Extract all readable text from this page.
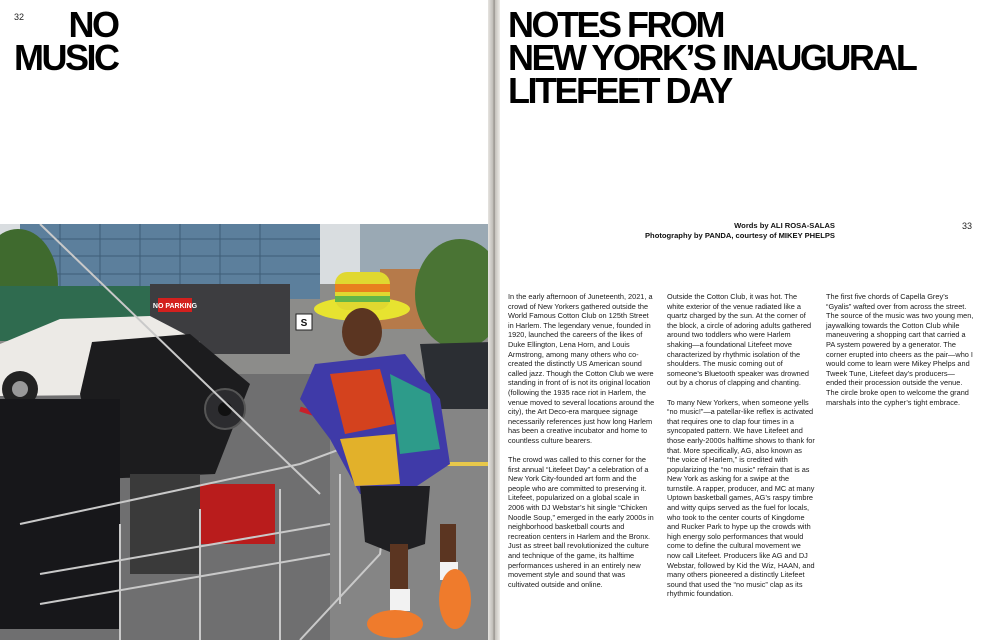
32	NO
MUSIC
NO PARKING
S
NOTES FROM
NEW YORK’S INAUGURAL
LITEFEET DAY
33
Words by ALI ROSA-SALAS
Photography by PANDA, courtesy of MIKEY PHELPS

In the early afternoon of Juneteenth, 2021, a crowd of New Yorkers gathered outside the World Famous Cotton Club on 125th Street in Harlem. The legendary venue, founded in 1920, launched the careers of the likes of Duke Ellington, Lena Horn, and Louis Armstrong, among many others who co-created the distinctly US American sound called jazz. Though the Cotton Club we were standing in front of is not its original location (following the 1935 race riot in Harlem, the venue moved to several locations around the city), the Art Deco-era marquee signage necessarily references just how long Harlem has been a creative incubator and home to countless culture bearers.

The crowd was called to this corner for the first annual “Litefeet Day” a celebration of a New York City-founded art form and the people who are committed to preserving it. Litefeet, popularized on a global scale in 2006 with DJ Webstar’s hit single “Chicken Noodle Soup,” emerged in the early 2000s in neighborhood basketball courts and recreation centers in Harlem and the Bronx. Just as street ball revolutionized the culture and technique of the game, its halftime performances ushered in an entirely new movement style and sound that was cultivated outside and online.

Outside the Cotton Club, it was hot. The white exterior of the venue radiated like a quartz charged by the sun. At the corner of the block, a circle of adoring adults gathered around two toddlers who were Harlem shaking—a foundational Litefeet move characterized by rhythmic isolation of the shoulders. The music coming out of someone’s Bluetooth speaker was drowned out by a chorus of clapping and chanting.

To many New Yorkers, when someone yells “no music!”—a patellar-like reflex is activated that requires one to clap four times in a syncopated pattern. We have Litefeet and those early-2000s halftime shows to thank for that. More specifically, AG, also known as “the voice of Harlem,” is credited with popularizing the “no music” refrain that is as New York as asking for a swipe at the turnstile. A rapper, producer, and MC at many Uptown basketball games, AG’s raspy timbre and witty quips served as the fuel for locals, who took to the center courts of Kingdome and Rucker Park to hype up the crowds with high energy solo performances that would come to define the cultural movement we now call Litefeet. Producers like AG and DJ Webstar, followed by Kid the Wiz, HAAN, and many others pioneered a distinctly Litefeet sound that used the “no music” clap as its rhythmic foundation.

The first five chords of Capella Grey’s “Gyalis” wafted over from across the street. The source of the music was two young men, jaywalking towards the Cotton Club while maneuvering a shopping cart that carried a PA system powered by a generator. The corner erupted into cheers as the pair—who I would come to learn were Mikey Phelps and Tweek Tune, Litefeet day’s producers—ended their procession outside the venue. The circle broke open to welcome the grand marshals into the cypher’s tight embrace.
